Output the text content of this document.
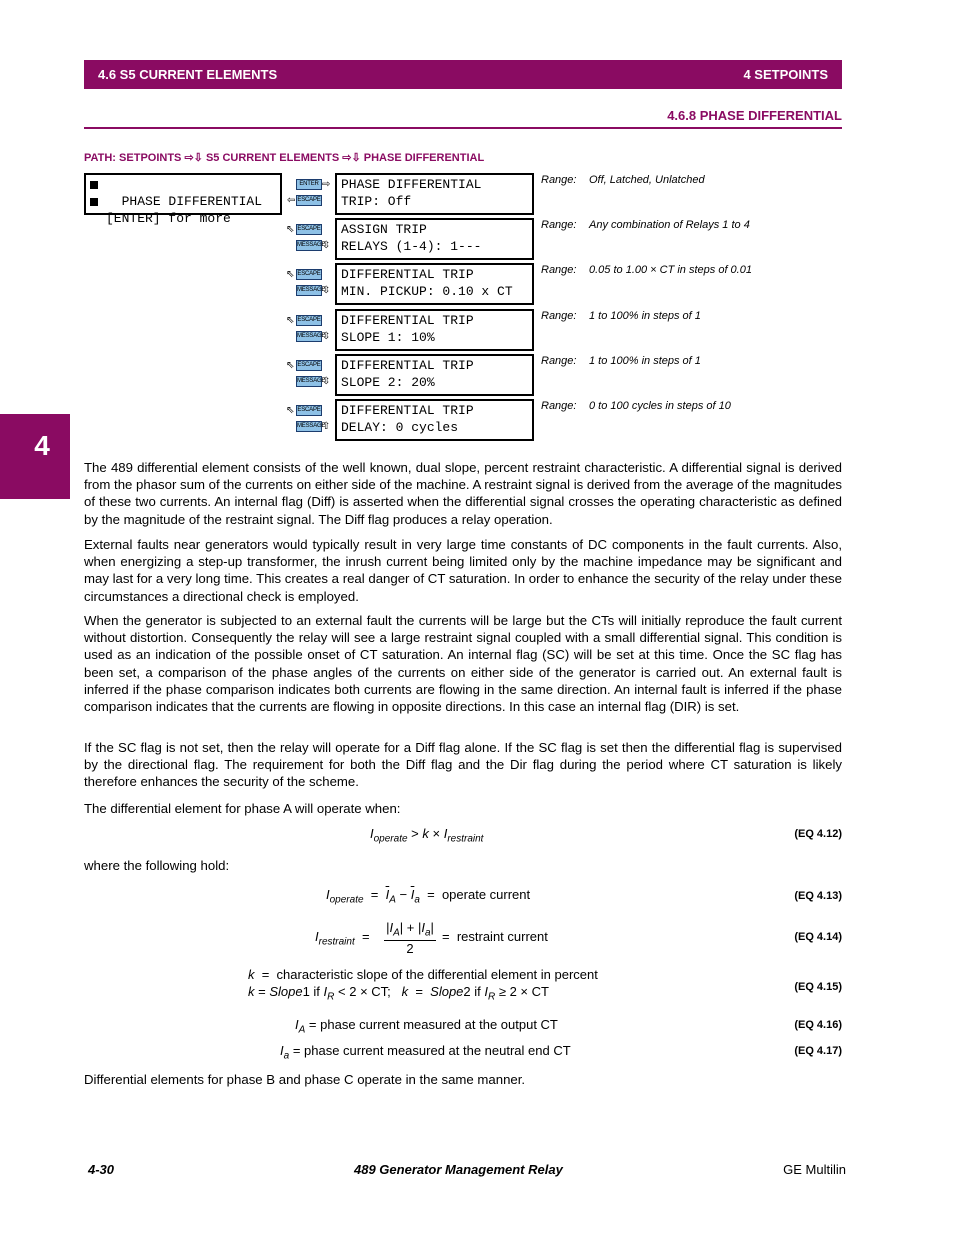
4.6 S5 CURRENT ELEMENTS	4 SETPOINTS
4.6.8 PHASE DIFFERENTIAL
PATH: SETPOINTS ⇨⇩ S5 CURRENT ELEMENTS ⇨⇩ PHASE DIFFERENTIAL

PHASE DIFFERENTIAL

[ENTER] for more

ENTER ⇨
⇦ ESCAPE
PHASE DIFFERENTIAL
TRIP: Off
Range: Off, Latched, Unlatched
ASSIGN TRIP
RELAYS (1-4): 1---
Range: Any combination of Relays 1 to 4
DIFFERENTIAL TRIP
MIN. PICKUP: 0.10 x CT
Range: 0.05 to 1.00 × CT in steps of 0.01
DIFFERENTIAL TRIP
SLOPE 1: 10%
Range: 1 to 100% in steps of 1
DIFFERENTIAL TRIP
SLOPE 2: 20%
Range: 1 to 100% in steps of 1
DIFFERENTIAL TRIP
DELAY: 0 cycles
Range: 0 to 100 cycles in steps of 10
⇖ ESCAPE
MESSAGE
⇳
⇖ ESCAPE
MESSAGE
⇳
⇖ ESCAPE
MESSAGE
⇳
⇖ ESCAPE
MESSAGE
⇳
⇖ ESCAPE
MESSAGE
⇧
4
The 489 differential element consists of the well known, dual slope, percent restraint characteristic. A differential signal is derived from the phasor sum of the currents on either side of the machine. A restraint signal is derived from the average of the magnitudes of these two currents. An internal flag (Diff) is asserted when the differential signal crosses the operating characteristic as defined by the magnitude of the restraint signal. The Diff flag produces a relay operation.
External faults near generators would typically result in very large time constants of DC components in the fault currents. Also, when energizing a step-up transformer, the inrush current being limited only by the machine impedance may be significant and may last for a very long time. This creates a real danger of CT saturation. In order to enhance the security of the relay under these circumstances a directional check is employed.
When the generator is subjected to an external fault the currents will be large but the CTs will initially reproduce the fault current without distortion. Consequently the relay will see a large restraint signal coupled with a small differential signal. This condition is used as an indication of the possible onset of CT saturation. An internal flag (SC) will be set at this time. Once the SC flag has been set, a comparison of the phase angles of the currents on either side of the generator is carried out. An external fault is inferred if the phase comparison indicates both currents are flowing in the same direction. An internal fault is inferred if the phase comparison indicates that the currents are flowing in opposite directions. In this case an internal flag (DIR) is set.
If the SC flag is not set, then the relay will operate for a Diff flag alone. If the SC flag is set then the differential flag is supervised by the directional flag. The requirement for both the Diff flag and the Dir flag during the period where CT saturation is likely therefore enhances the security of the scheme.
The differential element for phase A will operate when:
$I_{operate} > k \times I_{restraint}$	(EQ 4.12)
where the following hold:
$I_{operate} = \overline{I}_A - \overline{I}_a$  =  operate current	(EQ 4.13)
$I_{restraint}$  =
$|I_A| + |I_a|$
2
=  restraint current	(EQ 4.14)
k  =  characteristic slope of the differential element in percent
k = Slope1 if $I_R < 2$ × CT;   k  =  Slope2 if $I_R \ge 2$ × CT	(EQ 4.15)
$I_A$ = phase current measured at the output CT	(EQ 4.16)
$I_a$ = phase current measured at the neutral end CT	(EQ 4.17)
Differential elements for phase B and phase C operate in the same manner.
4-30	489 Generator Management Relay	GE Multilin
